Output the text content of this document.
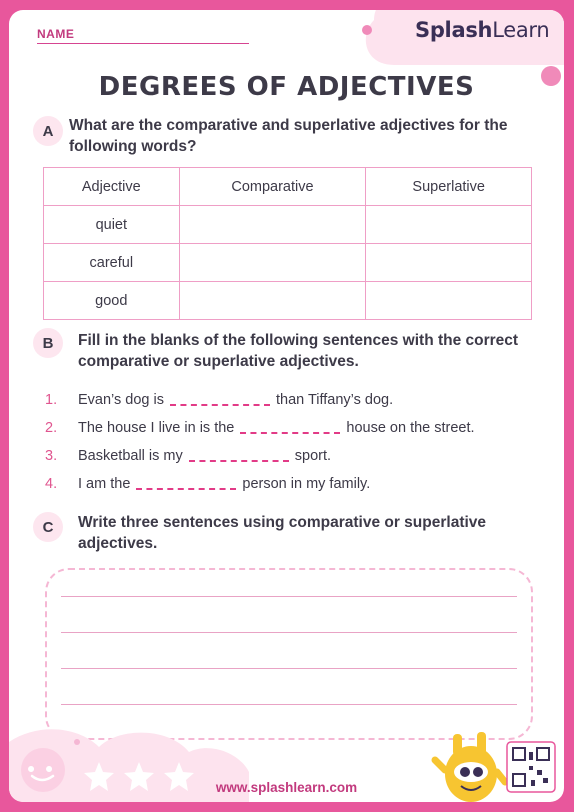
NAME	SplashLearn
DEGREES OF ADJECTIVES
A	What are the comparative and superlative adjectives for the following words?
Adjective	Comparative	Superlative
quiet		
careful		
good		
B	Fill in the blanks of the following sentences with the correct comparative or superlative adjectives.
1.	Evan’s dog is	than Tiffany’s dog.
2.	The house I live in is the	house on the street.
3.	Basketball is my	sport.
4.	I am the	person in my family.
C	Write three sentences using comparative or superlative adjectives.
www.splashlearn.com
